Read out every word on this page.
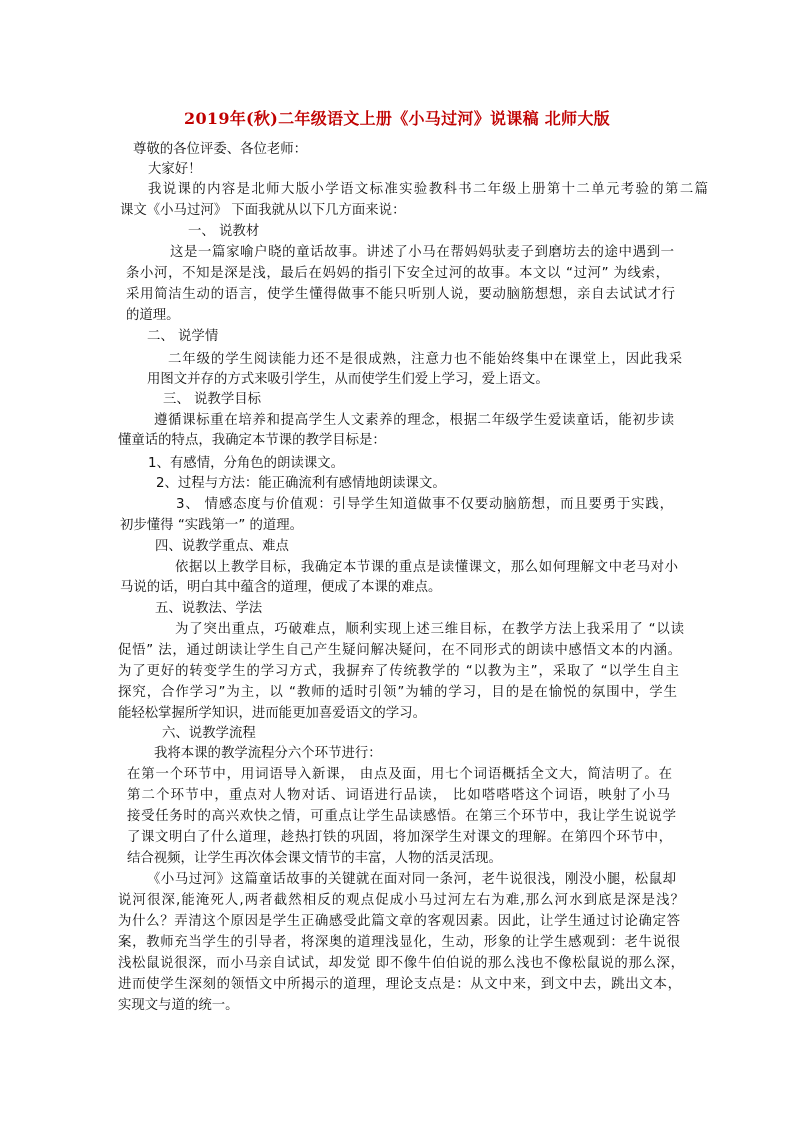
2019年(秋)二年级语文上册《小马过河》说课稿 北师大版
尊敬的各位评委、各位老师：
大家好！
我说课的内容是北师大版小学语文标准实验教科书二年级上册第十二单元考验的第二篇
课文《小马过河》 下面我就从以下几方面来说：
一、 说教材
这是一篇家喻户晓的童话故事。讲述了小马在帮妈妈驮麦子到磨坊去的途中遇到一
条小河，不知是深是浅，最后在妈妈的指引下安全过河的故事。本文以 “过河” 为线索，
采用简洁生动的语言，使学生懂得做事不能只听别人说，要动脑筋想想，亲自去试试才行
的道理。
二、 说学情
二年级的学生阅读能力还不是很成熟，注意力也不能始终集中在课堂上，因此我采
用图文并存的方式来吸引学生，从而使学生们爱上学习，爱上语文。
三、 说教学目标
遵循课标重在培养和提高学生人文素养的理念，根据二年级学生爱读童话，能初步读
懂童话的特点，我确定本节课的教学目标是：
1、有感情，分角色的朗读课文。
2、过程与方法：能正确流利有感情地朗读课文。
3、 情感态度与价值观：引导学生知道做事不仅要动脑筋想，而且要勇于实践，
初步懂得 “实践第一” 的道理。
四、说教学重点、难点
依据以上教学目标，我确定本节课的重点是读懂课文，那么如何理解文中老马对小
马说的话，明白其中蕴含的道理，便成了本课的难点。
五、说教法、学法
为了突出重点，巧破难点，顺利实现上述三维目标，在教学方法上我采用了 “以读
促悟” 法，通过朗读让学生自己产生疑问解决疑问，在不同形式的朗读中感悟文本的内涵。
为了更好的转变学生的学习方式，我摒弃了传统教学的 “以教为主”，采取了 “以学生自主
探究，合作学习”为主，以 “教师的适时引领”为辅的学习，目的是在愉悦的氛围中，学生
能轻松掌握所学知识，进而能更加喜爱语文的学习。
六、说教学流程
我将本课的教学流程分六个环节进行：
在第一个环节中，用词语导入新课， 由点及面，用七个词语概括全文大，简洁明了。在
第二个环节中，重点对人物对话、词语进行品读， 比如嗒嗒嗒这个词语，映射了小马
接受任务时的高兴欢快之情，可重点让学生品读感悟。在第三个环节中，我让学生说说学
了课文明白了什么道理，趁热打铁的巩固，将加深学生对课文的理解。在第四个环节中，
结合视频，让学生再次体会课文情节的丰富，人物的活灵活现。
《小马过河》这篇童话故事的关键就在面对同一条河，老牛说很浅，刚没小腿，松鼠却
说河很深,能淹死人,两者截然相反的观点促成小马过河左右为难,那么河水到底是深是浅？
为什么？弄清这个原因是学生正确感受此篇文章的客观因素。因此，让学生通过讨论确定答
案，教师充当学生的引导者，将深奥的道理浅显化，生动，形象的让学生感观到：老牛说很
浅松鼠说很深，而小马亲自试试，却发觉 即不像牛伯伯说的那么浅也不像松鼠说的那么深，
进而使学生深刻的领悟文中所揭示的道理，理论支点是：从文中来，到文中去，跳出文本，
实现文与道的统一。
